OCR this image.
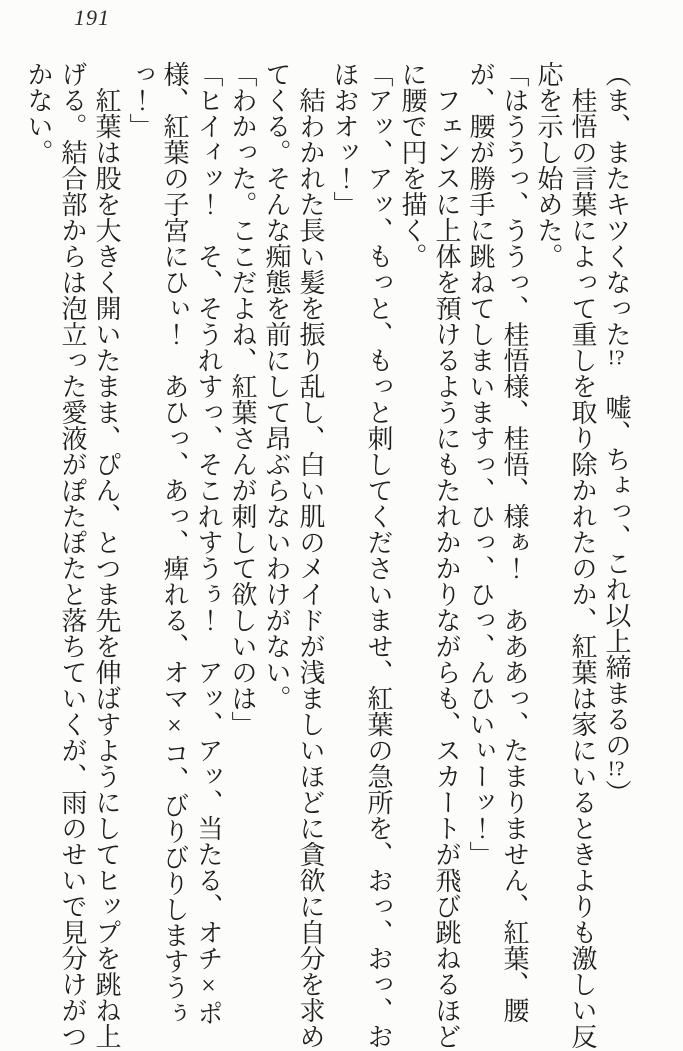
191

（ま、またキツくなった!?　嘘、ちょっ、これ以上締まるの!?）

　桂悟の言葉によって重しを取り除かれたのか、紅葉は家にいるときよりも激しい反応を示し始めた。

「はううっ、ううっ、桂悟様、桂悟、様ぁ！　あああっ、たまりません、紅葉、腰が、腰が勝手に跳ねてしまいますっ、ひっ、ひっ、んひいぃーッ！」

　フェンスに上体を預けるようにもたれかかりながらも、スカートが飛び跳ねるほどに腰で円を描く。

「アッ、アッ、もっと、もっと刺してくださいませ、紅葉の急所を、おっ、おっ、おほおオッ！」

　結わかれた長い髪を振り乱し、白い肌のメイドが浅ましいほどに貪欲に自分を求めてくる。そんな痴態を前にして昂ぶらないわけがない。

「わかった。ここだよね、紅葉さんが刺して欲しいのは」

「ヒイィッ！　そ、そうれすっ、そこれすうぅ！　アッ、アッ、当たる、オチ×ポ様、紅葉の子宮にひぃ！　あひっ、あっ、痺れる、オマ×コ、びりびりしますうぅっ！」

　紅葉は股を大きく開いたまま、ぴん、とつま先を伸ばすようにしてヒップを跳ね上げる。結合部からは泡立った愛液がぽたぽたと落ちていくが、雨のせいで見分けがつかない。
